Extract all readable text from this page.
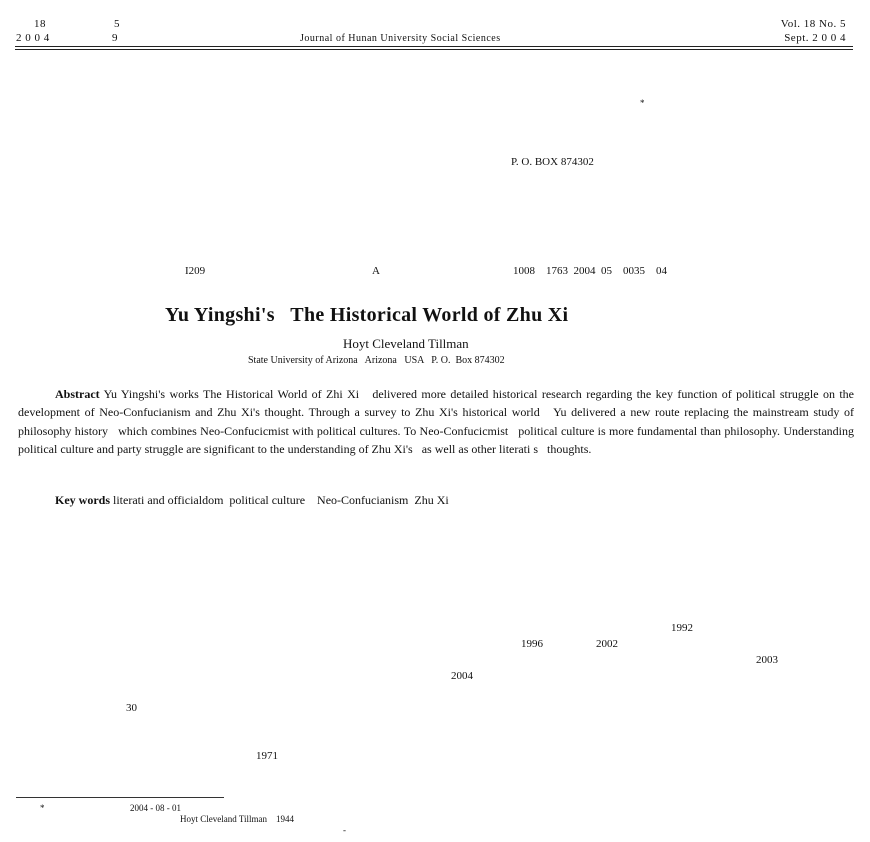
18	5
2 0 0 4	9	Journal of Hunan University Social Sciences
Vol. 18 No. 5
Sept. 2 0 0 4
*
P. O. BOX 874302
I209	A	1008    1763  2004  05    0035    04
Yu Yingshi's   The Historical World of Zhu Xi
Hoyt Cleveland Tillman
State University of Arizona   Arizona   USA   P. O.  Box 874302
Abstract Yu Yingshi's works The Historical World of Zhi Xi   delivered more detailed historical research regarding the key function of political struggle on the development of Neo-Confucianism and Zhu Xi's thought. Through a survey to Zhu Xi's historical world   Yu delivered a new route replacing the mainstream study of philosophy history   which combines Neo-Confucicmist with political cultures. To Neo-Confucicmist   political culture is more fundamental than philosophy. Understanding political culture and party struggle are significant to the understanding of Zhu Xi's   as well as other literati s   thoughts.
Key words literati and officialdom  political culture    Neo-Confucianism  Zhu Xi
1992
1996	2002
2003
2004
30
1971
*	2004 - 08 - 01
Hoyt Cleveland Tillman    1944
-
